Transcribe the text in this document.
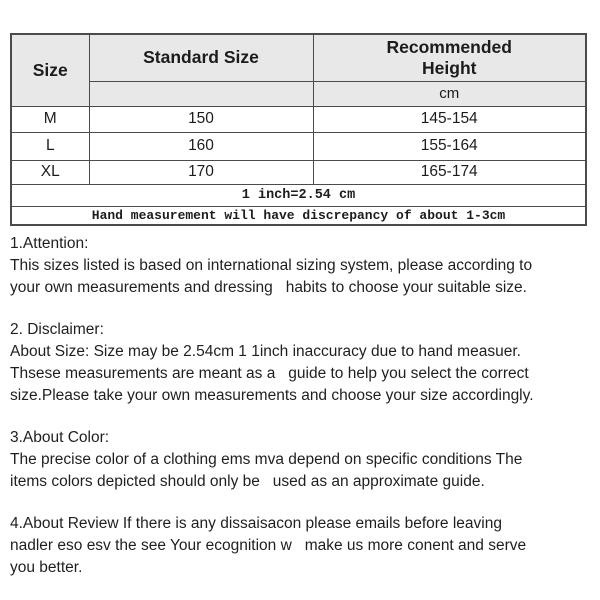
Size	Standard Size	Recommended
Height
		cm
M	150	145-154
L	160	155-164
XL	170	165-174
1 inch=2.54 cm		
Hand measurement will have discrepancy of about 1-3cm		
1.Attention:
This sizes listed is based on international sizing system, please according to
your own measurements and dressing   habits to choose your suitable size.
2. Disclaimer:
About Size: Size may be 2.54cm 1 1inch inaccuracy due to hand measuer.
Thsese measurements are meant as a   guide to help you select the correct
size.Please take your own measurements and choose your size accordingly.
3.About Color:
The precise color of a clothing ems mva depend on specific conditions The
items colors depicted should only be   used as an approximate guide.
4.About Review If there is any dissaisacon please emails before leaving
nadler eso esv the see Your ecognition w   make us more conent and serve
you better.
